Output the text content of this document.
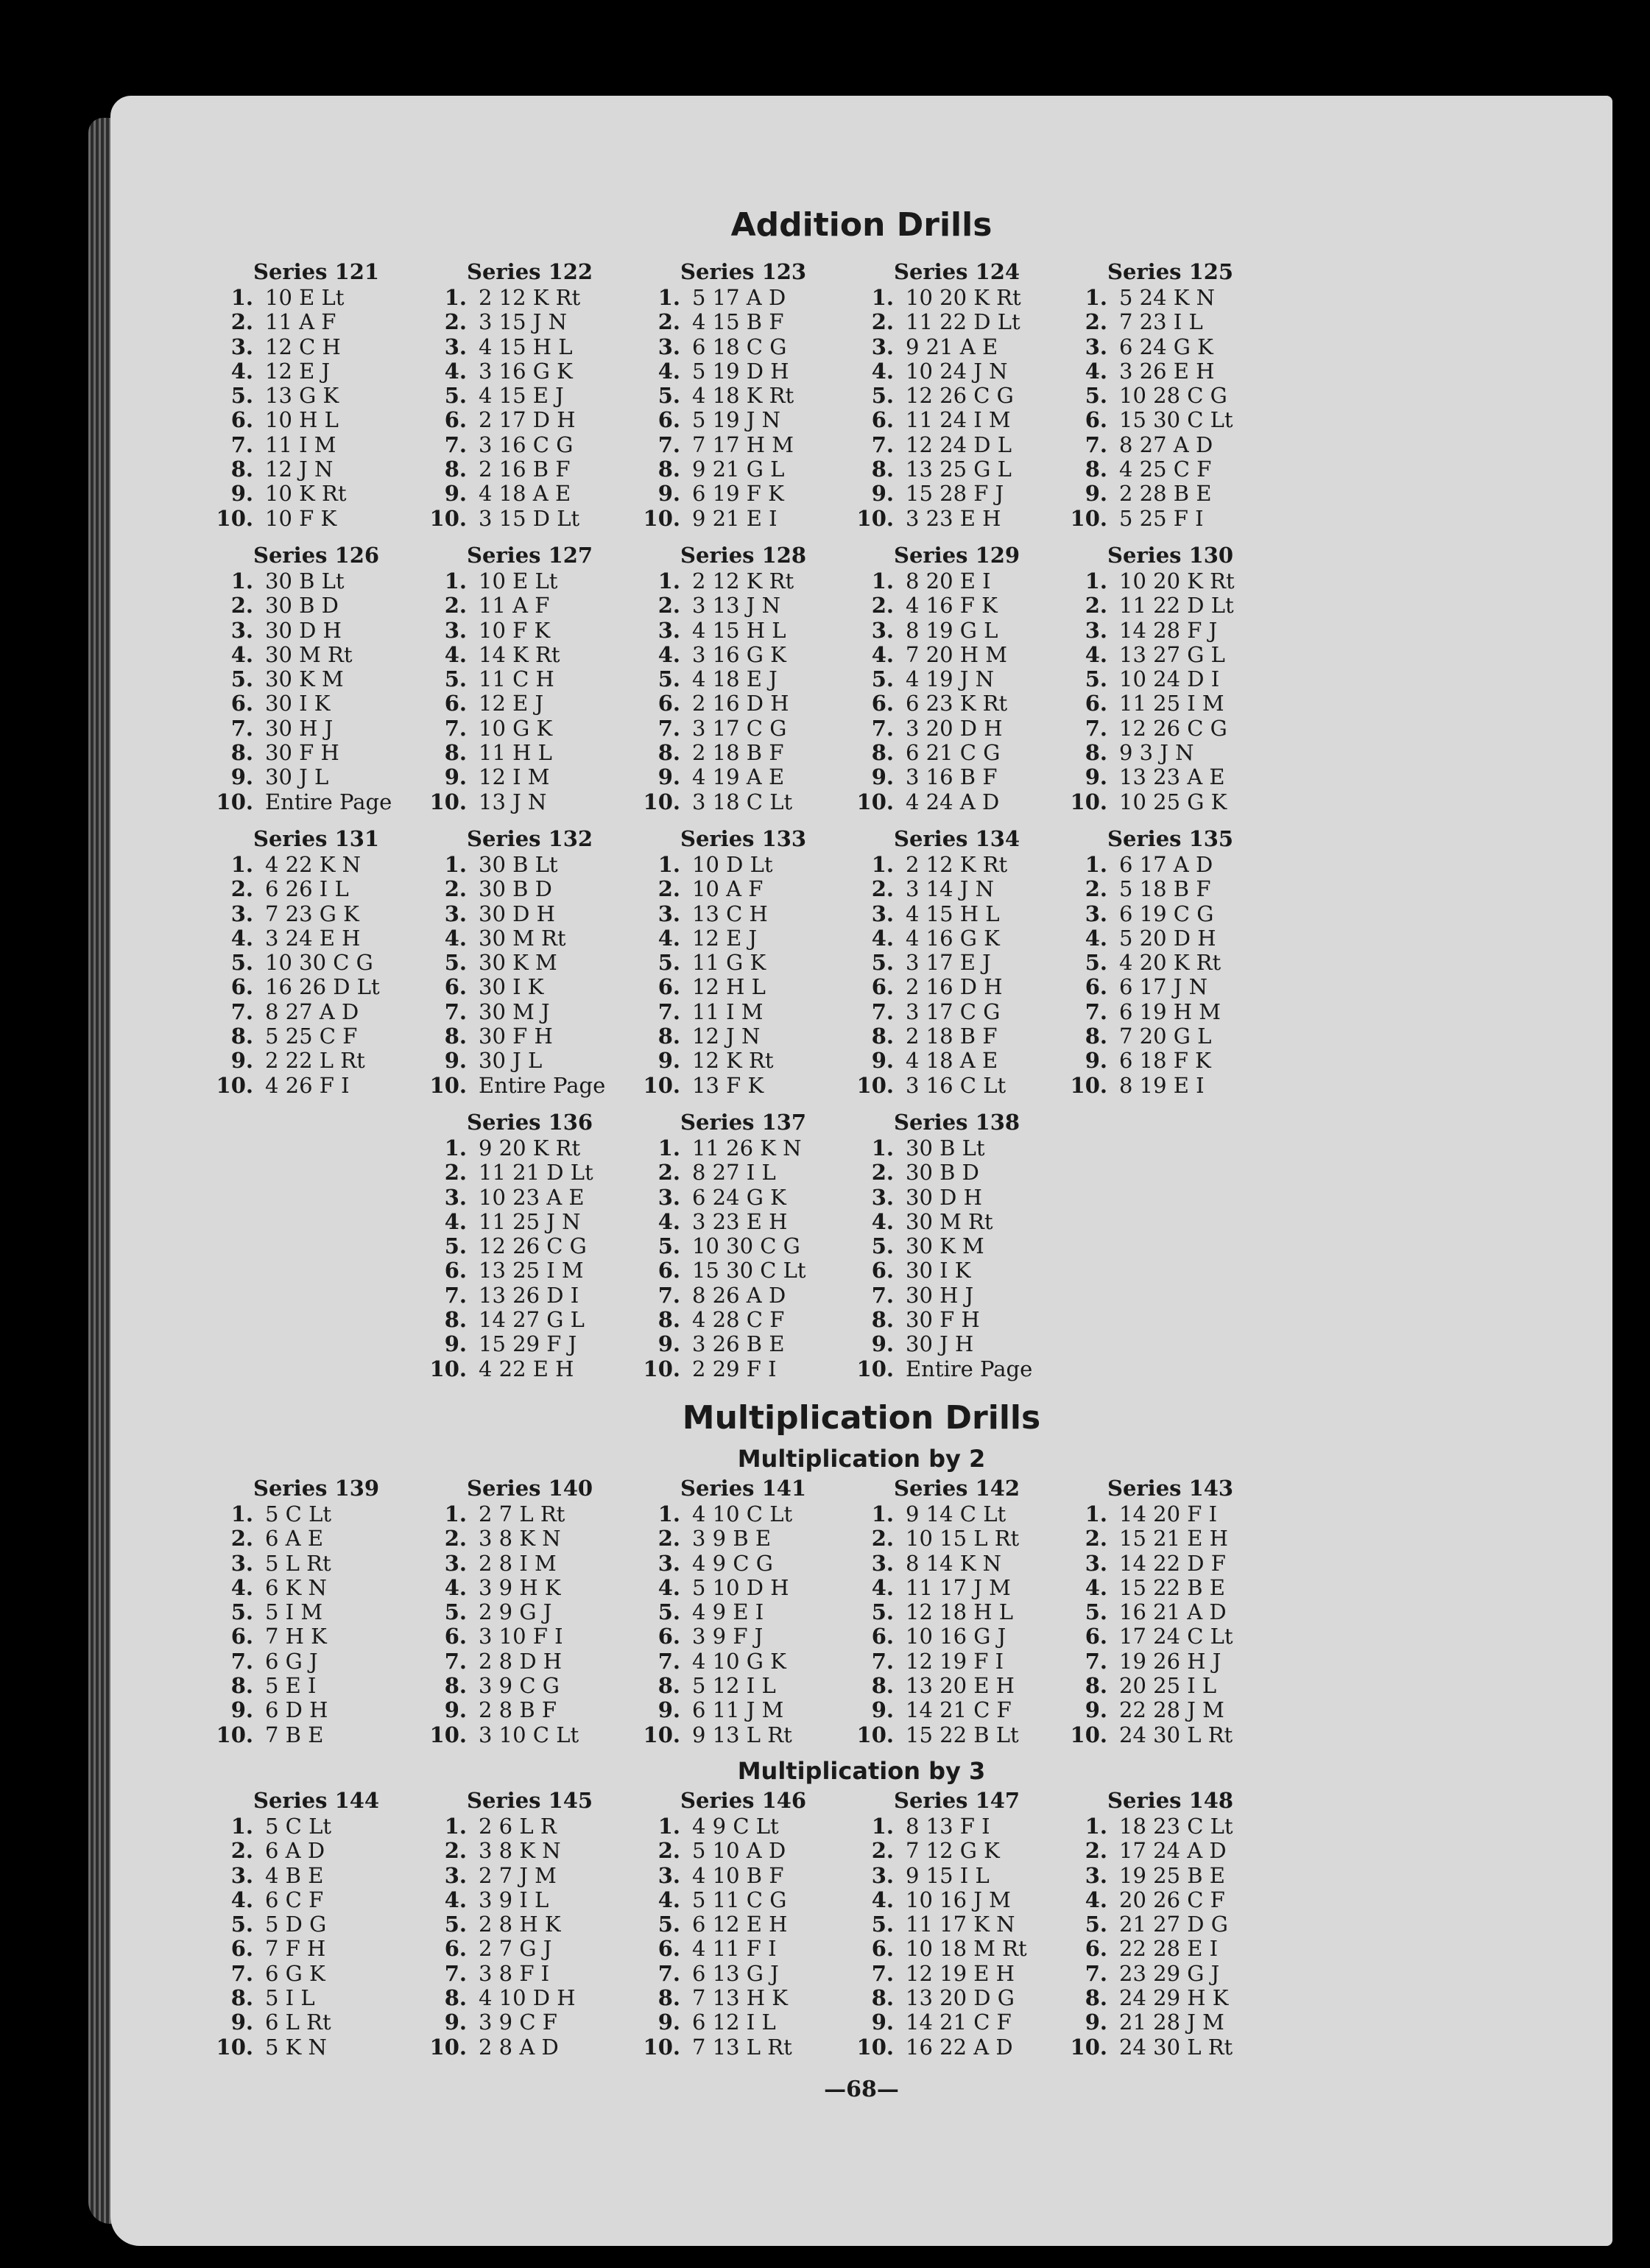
Addition Drills
Series 121
1. 10 E Lt
2. 11 A F
3. 12 C H
4. 12 E J
5. 13 G K
6. 10 H L
7. 11 I M
8. 12 J N
9. 10 K Rt
10. 10 F K
Series 122
1. 2 12 K Rt
2. 3 15 J N
3. 4 15 H L
4. 3 16 G K
5. 4 15 E J
6. 2 17 D H
7. 3 16 C G
8. 2 16 B F
9. 4 18 A E
10. 3 15 D Lt
Series 123
1. 5 17 A D
2. 4 15 B F
3. 6 18 C G
4. 5 19 D H
5. 4 18 K Rt
6. 5 19 J N
7. 7 17 H M
8. 9 21 G L
9. 6 19 F K
10. 9 21 E I
Series 124
1. 10 20 K Rt
2. 11 22 D Lt
3. 9 21 A E
4. 10 24 J N
5. 12 26 C G
6. 11 24 I M
7. 12 24 D L
8. 13 25 G L
9. 15 28 F J
10. 3 23 E H
Series 125
1. 5 24 K N
2. 7 23 I L
3. 6 24 G K
4. 3 26 E H
5. 10 28 C G
6. 15 30 C Lt
7. 8 27 A D
8. 4 25 C F
9. 2 28 B E
10. 5 25 F I
Series 126
1. 30 B Lt
2. 30 B D
3. 30 D H
4. 30 M Rt
5. 30 K M
6. 30 I K
7. 30 H J
8. 30 F H
9. 30 J L
10. Entire Page
Series 127
1. 10 E Lt
2. 11 A F
3. 10 F K
4. 14 K Rt
5. 11 C H
6. 12 E J
7. 10 G K
8. 11 H L
9. 12 I M
10. 13 J N
Series 128
1. 2 12 K Rt
2. 3 13 J N
3. 4 15 H L
4. 3 16 G K
5. 4 18 E J
6. 2 16 D H
7. 3 17 C G
8. 2 18 B F
9. 4 19 A E
10. 3 18 C Lt
Series 129
1. 8 20 E I
2. 4 16 F K
3. 8 19 G L
4. 7 20 H M
5. 4 19 J N
6. 6 23 K Rt
7. 3 20 D H
8. 6 21 C G
9. 3 16 B F
10. 4 24 A D
Series 130
1. 10 20 K Rt
2. 11 22 D Lt
3. 14 28 F J
4. 13 27 G L
5. 10 24 D I
6. 11 25 I M
7. 12 26 C G
8. 9 3 J N
9. 13 23 A E
10. 10 25 G K
Series 131
1. 4 22 K N
2. 6 26 I L
3. 7 23 G K
4. 3 24 E H
5. 10 30 C G
6. 16 26 D Lt
7. 8 27 A D
8. 5 25 C F
9. 2 22 L Rt
10. 4 26 F I
Series 132
1. 30 B Lt
2. 30 B D
3. 30 D H
4. 30 M Rt
5. 30 K M
6. 30 I K
7. 30 M J
8. 30 F H
9. 30 J L
10. Entire Page
Series 133
1. 10 D Lt
2. 10 A F
3. 13 C H
4. 12 E J
5. 11 G K
6. 12 H L
7. 11 I M
8. 12 J N
9. 12 K Rt
10. 13 F K
Series 134
1. 2 12 K Rt
2. 3 14 J N
3. 4 15 H L
4. 4 16 G K
5. 3 17 E J
6. 2 16 D H
7. 3 17 C G
8. 2 18 B F
9. 4 18 A E
10. 3 16 C Lt
Series 135
1. 6 17 A D
2. 5 18 B F
3. 6 19 C G
4. 5 20 D H
5. 4 20 K Rt
6. 6 17 J N
7. 6 19 H M
8. 7 20 G L
9. 6 18 F K
10. 8 19 E I
Series 136
1. 9 20 K Rt
2. 11 21 D Lt
3. 10 23 A E
4. 11 25 J N
5. 12 26 C G
6. 13 25 I M
7. 13 26 D I
8. 14 27 G L
9. 15 29 F J
10. 4 22 E H
Series 137
1. 11 26 K N
2. 8 27 I L
3. 6 24 G K
4. 3 23 E H
5. 10 30 C G
6. 15 30 C Lt
7. 8 26 A D
8. 4 28 C F
9. 3 26 B E
10. 2 29 F I
Series 138
1. 30 B Lt
2. 30 B D
3. 30 D H
4. 30 M Rt
5. 30 K M
6. 30 I K
7. 30 H J
8. 30 F H
9. 30 J H
10. Entire Page
Multiplication Drills
Multiplication by 2
Series 139
1. 5 C Lt
2. 6 A E
3. 5 L Rt
4. 6 K N
5. 5 I M
6. 7 H K
7. 6 G J
8. 5 E I
9. 6 D H
10. 7 B E
Series 140
1. 2 7 L Rt
2. 3 8 K N
3. 2 8 I M
4. 3 9 H K
5. 2 9 G J
6. 3 10 F I
7. 2 8 D H
8. 3 9 C G
9. 2 8 B F
10. 3 10 C Lt
Series 141
1. 4 10 C Lt
2. 3 9 B E
3. 4 9 C G
4. 5 10 D H
5. 4 9 E I
6. 3 9 F J
7. 4 10 G K
8. 5 12 I L
9. 6 11 J M
10. 9 13 L Rt
Series 142
1. 9 14 C Lt
2. 10 15 L Rt
3. 8 14 K N
4. 11 17 J M
5. 12 18 H L
6. 10 16 G J
7. 12 19 F I
8. 13 20 E H
9. 14 21 C F
10. 15 22 B Lt
Series 143
1. 14 20 F I
2. 15 21 E H
3. 14 22 D F
4. 15 22 B E
5. 16 21 A D
6. 17 24 C Lt
7. 19 26 H J
8. 20 25 I L
9. 22 28 J M
10. 24 30 L Rt
Multiplication by 3
Series 144
1. 5 C Lt
2. 6 A D
3. 4 B E
4. 6 C F
5. 5 D G
6. 7 F H
7. 6 G K
8. 5 I L
9. 6 L Rt
10. 5 K N
Series 145
1. 2 6 L R
2. 3 8 K N
3. 2 7 J M
4. 3 9 I L
5. 2 8 H K
6. 2 7 G J
7. 3 8 F I
8. 4 10 D H
9. 3 9 C F
10. 2 8 A D
Series 146
1. 4 9 C Lt
2. 5 10 A D
3. 4 10 B F
4. 5 11 C G
5. 6 12 E H
6. 4 11 F I
7. 6 13 G J
8. 7 13 H K
9. 6 12 I L
10. 7 13 L Rt
Series 147
1. 8 13 F I
2. 7 12 G K
3. 9 15 I L
4. 10 16 J M
5. 11 17 K N
6. 10 18 M Rt
7. 12 19 E H
8. 13 20 D G
9. 14 21 C F
10. 16 22 A D
Series 148
1. 18 23 C Lt
2. 17 24 A D
3. 19 25 B E
4. 20 26 C F
5. 21 27 D G
6. 22 28 E I
7. 23 29 G J
8. 24 29 H K
9. 21 28 J M
10. 24 30 L Rt
—68—
